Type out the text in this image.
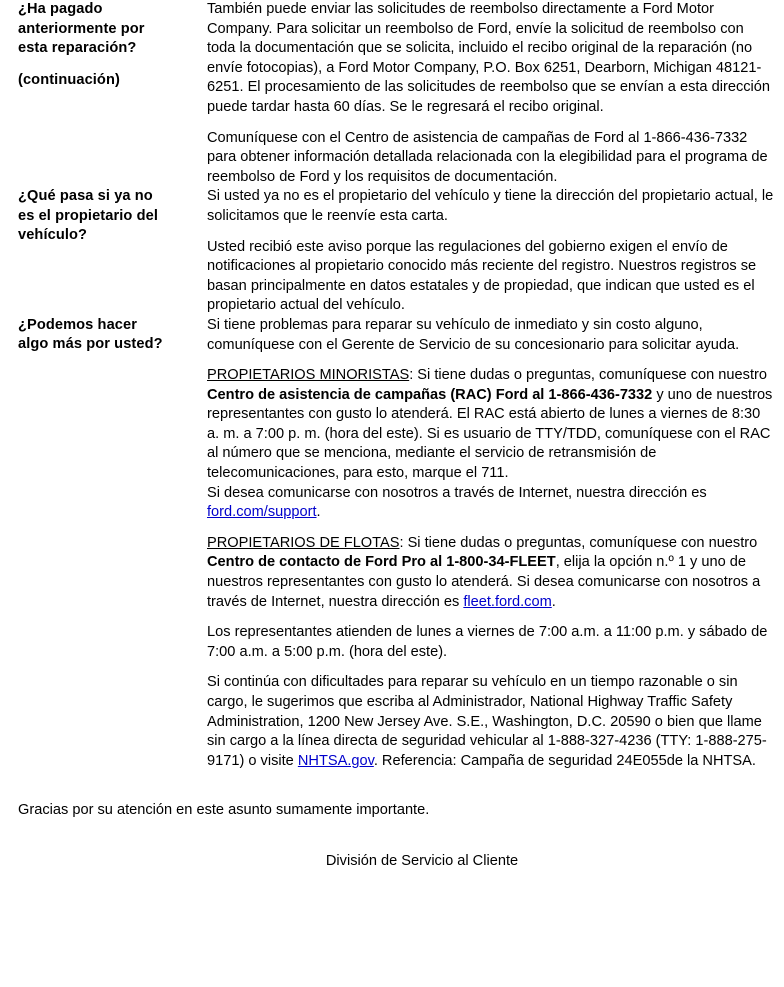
¿Ha pagado
anteriormente por
esta reparación?
(continuación)

También puede enviar las solicitudes de reembolso directamente a Ford Motor Company. Para solicitar un reembolso de Ford, envíe la solicitud de reembolso con toda la documentación que se solicita, incluido el recibo original de la reparación (no envíe fotocopias), a Ford Motor Company, P.O. Box 6251, Dearborn, Michigan 48121-6251. El procesamiento de las solicitudes de reembolso que se envían a esta dirección puede tardar hasta 60 días. Se le regresará el recibo original.

Comuníquese con el Centro de asistencia de campañas de Ford al 1-866-436-7332 para obtener información detallada relacionada con la elegibilidad para el programa de reembolso de Ford y los requisitos de documentación.

¿Qué pasa si ya no
es el propietario del
vehículo?

Si usted ya no es el propietario del vehículo y tiene la dirección del propietario actual, le solicitamos que le reenvíe esta carta.

Usted recibió este aviso porque las regulaciones del gobierno exigen el envío de notificaciones al propietario conocido más reciente del registro. Nuestros registros se basan principalmente en datos estatales y de propiedad, que indican que usted es el propietario actual del vehículo.

¿Podemos hacer
algo más por usted?

Si tiene problemas para reparar su vehículo de inmediato y sin costo alguno, comuníquese con el Gerente de Servicio de su concesionario para solicitar ayuda.

PROPIETARIOS MINORISTAS: Si tiene dudas o preguntas, comuníquese con nuestro Centro de asistencia de campañas (RAC) Ford al 1-866-436-7332 y uno de nuestros representantes con gusto lo atenderá. El RAC está abierto de lunes a viernes de 8:30 a. m. a 7:00 p. m. (hora del este). Si es usuario de TTY/TDD, comuníquese con el RAC al número que se menciona, mediante el servicio de retransmisión de telecomunicaciones, para esto, marque el 711.

Si desea comunicarse con nosotros a través de Internet, nuestra dirección es ford.com/support.

PROPIETARIOS DE FLOTAS: Si tiene dudas o preguntas, comuníquese con nuestro Centro de contacto de Ford Pro al 1-800-34-FLEET, elija la opción n.º 1 y uno de nuestros representantes con gusto lo atenderá. Si desea comunicarse con nosotros a través de Internet, nuestra dirección es fleet.ford.com.

Los representantes atienden de lunes a viernes de 7:00 a.m. a 11:00 p.m. y sábado de 7:00 a.m. a 5:00 p.m. (hora del este).

Si continúa con dificultades para reparar su vehículo en un tiempo razonable o sin cargo, le sugerimos que escriba al Administrador, National Highway Traffic Safety Administration, 1200 New Jersey Ave. S.E., Washington, D.C. 20590 o bien que llame sin cargo a la línea directa de seguridad vehicular al 1-888-327-4236 (TTY: 1-888-275-9171) o visite NHTSA.gov. Referencia: Campaña de seguridad 24E055de la NHTSA.

Gracias por su atención en este asunto sumamente importante.

División de Servicio al Cliente
